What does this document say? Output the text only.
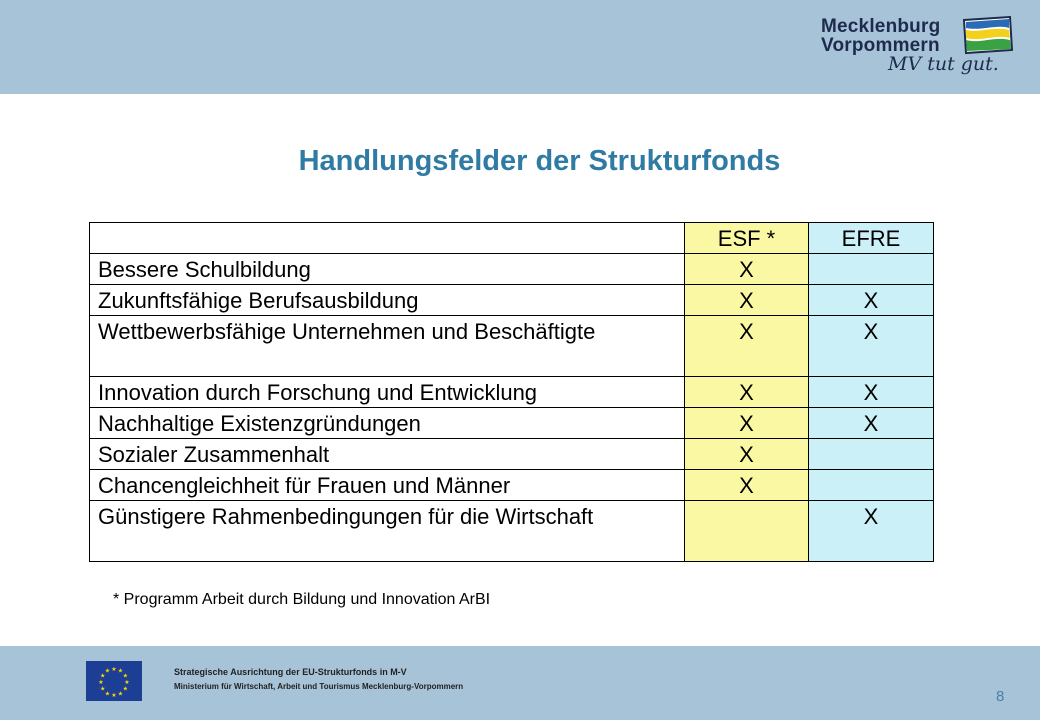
Mecklenburg
Vorpommern
MV tut gut.
Handlungsfelder der Strukturfonds
	ESF *	EFRE
Bessere Schulbildung	X	
Zukunftsfähige Berufsausbildung	X	X
Wettbewerbsfähige Unternehmen und Beschäftigte	X	X
Innovation durch Forschung und Entwicklung	X	X
Nachhaltige Existenzgründungen	X	X
Sozialer Zusammenhalt	X	
Chancengleichheit für Frauen und Männer	X	
Günstigere Rahmenbedingungen für die Wirtschaft		X
* Programm Arbeit durch Bildung und Innovation ArBI
★ ★
★
★
★
★
★
★
★
★
★
★	Strategische Ausrichtung der EU-Strukturfonds in M-V
Ministerium für Wirtschaft, Arbeit und Tourismus Mecklenburg-Vorpommern
8
